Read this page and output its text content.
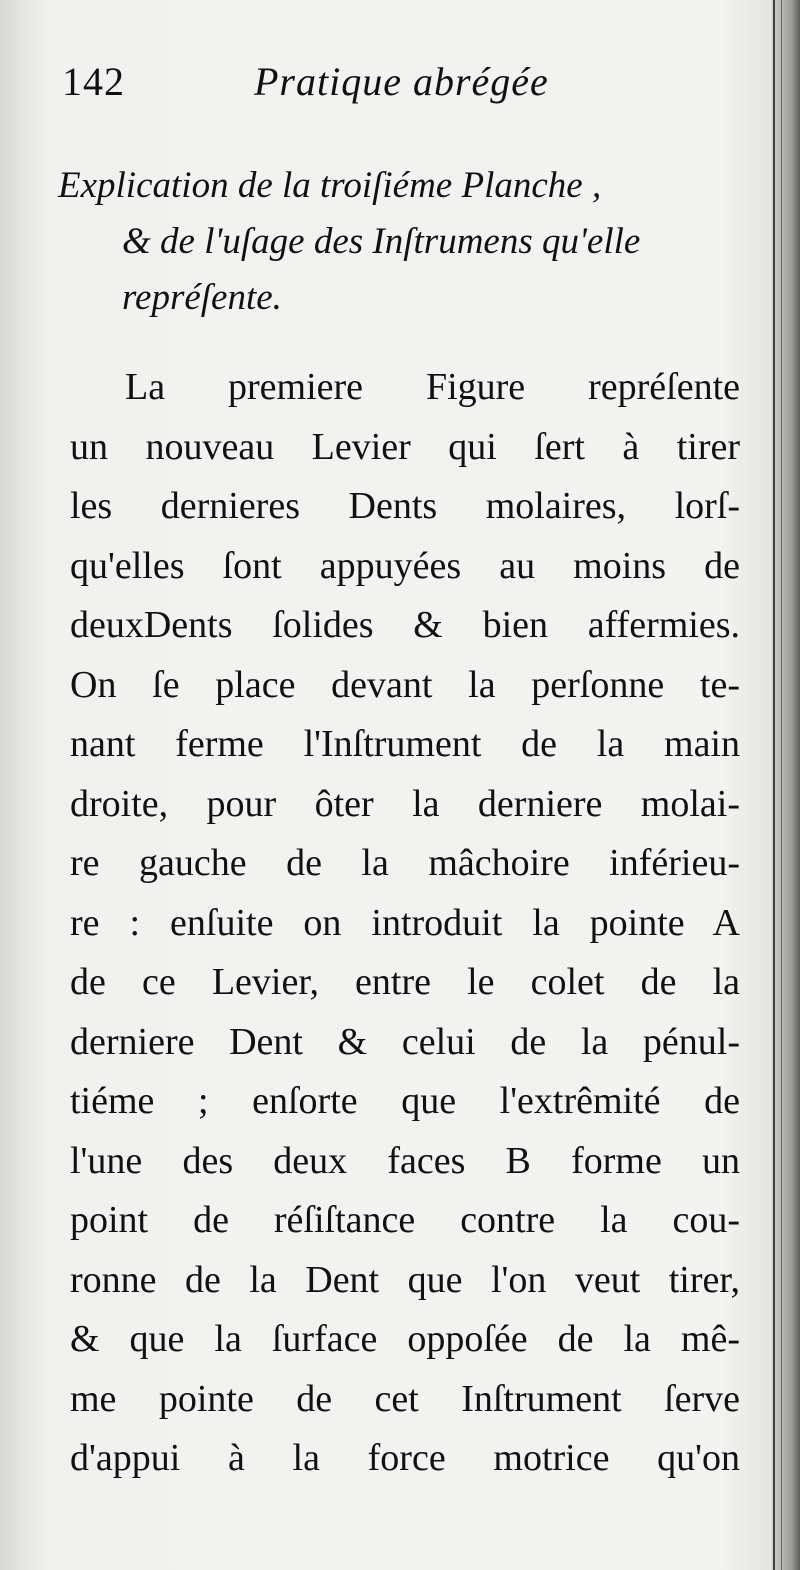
142	Pratique abrégée
Explication de la troiſiéme Planche ,
& de l'uſage des Inſtrumens qu'elle
repréſente.
La premiere Figure repréſente
un nouveau Levier qui ſert à tirer
les dernieres Dents molaires, lorſ-
qu'elles ſont appuyées au moins de
deuxDents ſolides & bien affermies.
On ſe place devant la perſonne te-
nant ferme l'Inſtrument de la main
droite, pour ôter la derniere molai-
re gauche de la mâchoire inférieu-
re : enſuite on introduit la pointe A
de ce Levier, entre le colet de la
derniere Dent & celui de la pénul-
tiéme ; enſorte que l'extrêmité de
l'une des deux faces B forme un
point de réſiſtance contre la cou-
ronne de la Dent que l'on veut tirer,
& que la ſurface oppoſée de la mê-
me pointe de cet Inſtrument ſerve
d'appui à la force motrice qu'on
